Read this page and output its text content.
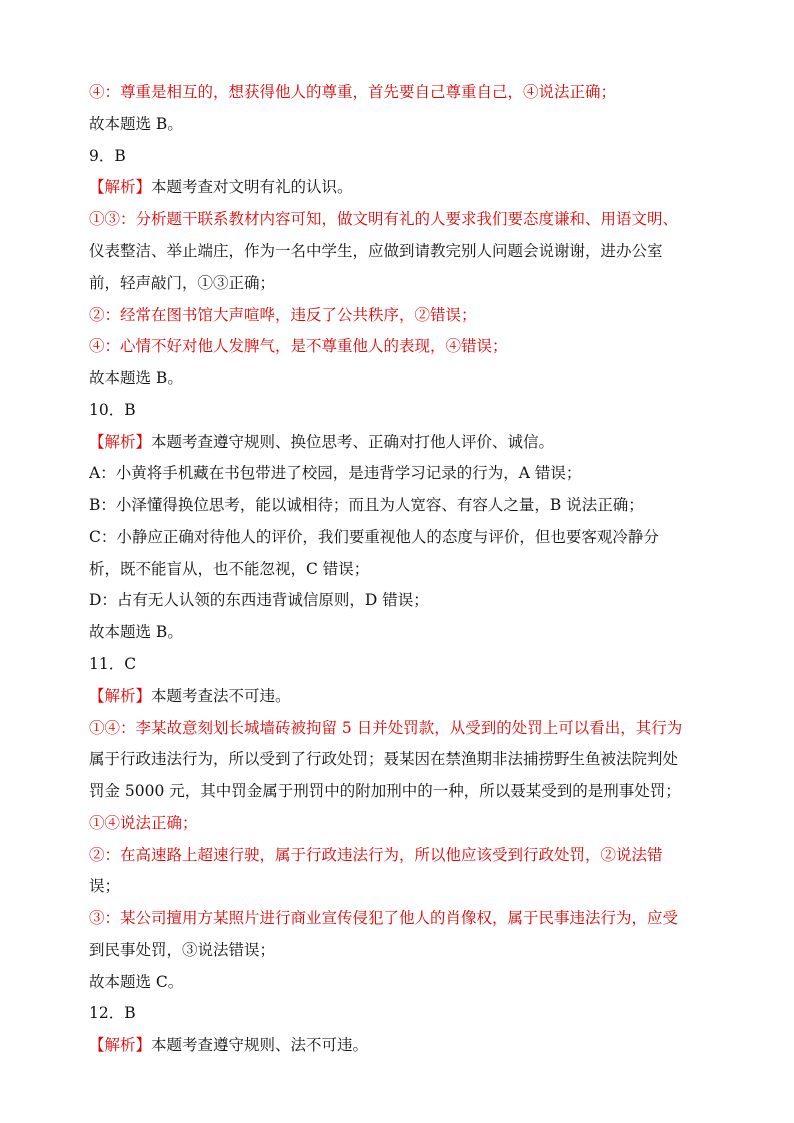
④：尊重是相互的，想获得他人的尊重，首先要自己尊重自己，④说法正确；
故本题选 B。
9．B
【解析】本题考查对文明有礼的认识。
①③：分析题干联系教材内容可知，做文明有礼的人要求我们要态度谦和、用语文明、
仪表整洁、举止端庄，作为一名中学生，应做到请教完别人问题会说谢谢，进办公室
前，轻声敲门，①③正确；
②：经常在图书馆大声喧哗，违反了公共秩序，②错误；
④：心情不好对他人发脾气，是不尊重他人的表现，④错误；
故本题选 B。
10．B
【解析】本题考查遵守规则、换位思考、正确对打他人评价、诚信。
A：小黄将手机藏在书包带进了校园，是违背学习记录的行为，A 错误；
B：小泽懂得换位思考，能以诚相待；而且为人宽容、有容人之量，B 说法正确；
C：小静应正确对待他人的评价，我们要重视他人的态度与评价，但也要客观冷静分
析，既不能盲从，也不能忽视，C 错误；
D：占有无人认领的东西违背诚信原则，D 错误；
故本题选 B。
11．C
【解析】本题考查法不可违。
①④：李某故意刻划长城墙砖被拘留 5 日并处罚款，从受到的处罚上可以看出，其行为
属于行政违法行为，所以受到了行政处罚；聂某因在禁渔期非法捕捞野生鱼被法院判处
罚金 5000 元，其中罚金属于刑罚中的附加刑中的一种，所以聂某受到的是刑事处罚；
①④说法正确；
②：在高速路上超速行驶，属于行政违法行为，所以他应该受到行政处罚，②说法错
误；
③：某公司擅用方某照片进行商业宣传侵犯了他人的肖像权，属于民事违法行为，应受
到民事处罚，③说法错误；
故本题选 C。
12．B
【解析】本题考查遵守规则、法不可违。
